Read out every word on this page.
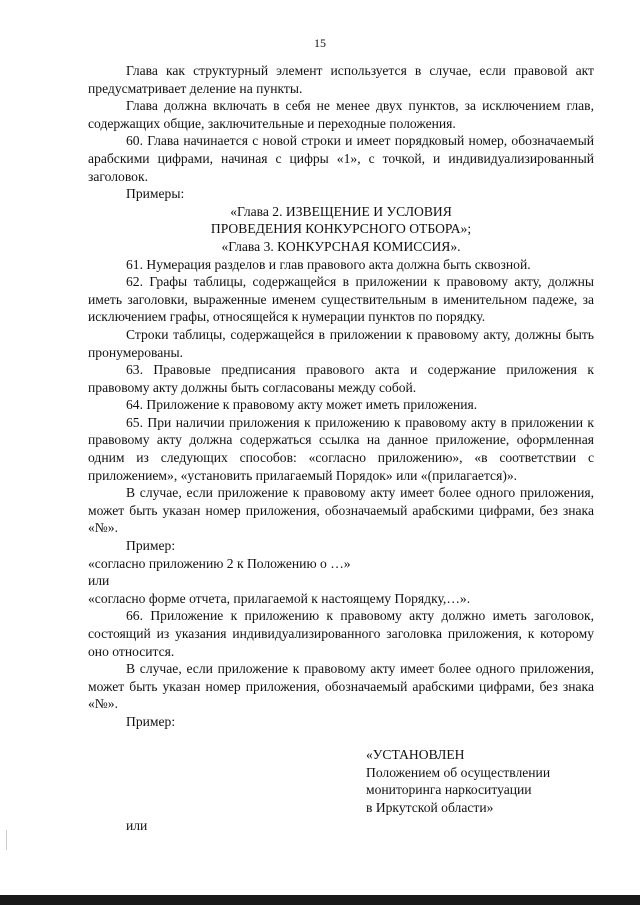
15

Глава как структурный элемент используется в случае, если правовой акт предусматривает деление на пункты.

Глава должна включать в себя не менее двух пунктов, за исключением глав, содержащих общие, заключительные и переходные положения.

60. Глава начинается с новой строки и имеет порядковый номер, обозначаемый арабскими цифрами, начиная с цифры «1», с точкой, и индивидуализированный заголовок.

Примеры:

«Глава 2. ИЗВЕЩЕНИЕ И УСЛОВИЯ

ПРОВЕДЕНИЯ КОНКУРСНОГО ОТБОРА»;

«Глава 3. КОНКУРСНАЯ КОМИССИЯ».

61. Нумерация разделов и глав правового акта должна быть сквозной.

62. Графы таблицы, содержащейся в приложении к правовому акту, должны иметь заголовки, выраженные именем существительным в именительном падеже, за исключением графы, относящейся к нумерации пунктов по порядку.

Строки таблицы, содержащейся в приложении к правовому акту, должны быть пронумерованы.

63. Правовые предписания правового акта и содержание приложения к правовому акту должны быть согласованы между собой.

64. Приложение к правовому акту может иметь приложения.

65. При наличии приложения к приложению к правовому акту в приложении к правовому акту должна содержаться ссылка на данное приложение, оформленная одним из следующих способов: «согласно приложению», «в соответствии с приложением», «установить прилагаемый Порядок» или «(прилагается)».

В случае, если приложение к правовому акту имеет более одного приложения, может быть указан номер приложения, обозначаемый арабскими цифрами, без знака «№».

Пример:

«согласно приложению 2 к Положению о …»

или

«согласно форме отчета, прилагаемой к настоящему Порядку,…».

66. Приложение к приложению к правовому акту должно иметь заголовок, состоящий из указания индивидуализированного заголовка приложения, к которому оно относится.

В случае, если приложение к правовому акту имеет более одного приложения, может быть указан номер приложения, обозначаемый арабскими цифрами, без знака «№».

Пример:

«УСТАНОВЛЕН
Положением об осуществлении
мониторинга наркоситуации
в Иркутской области»
или
